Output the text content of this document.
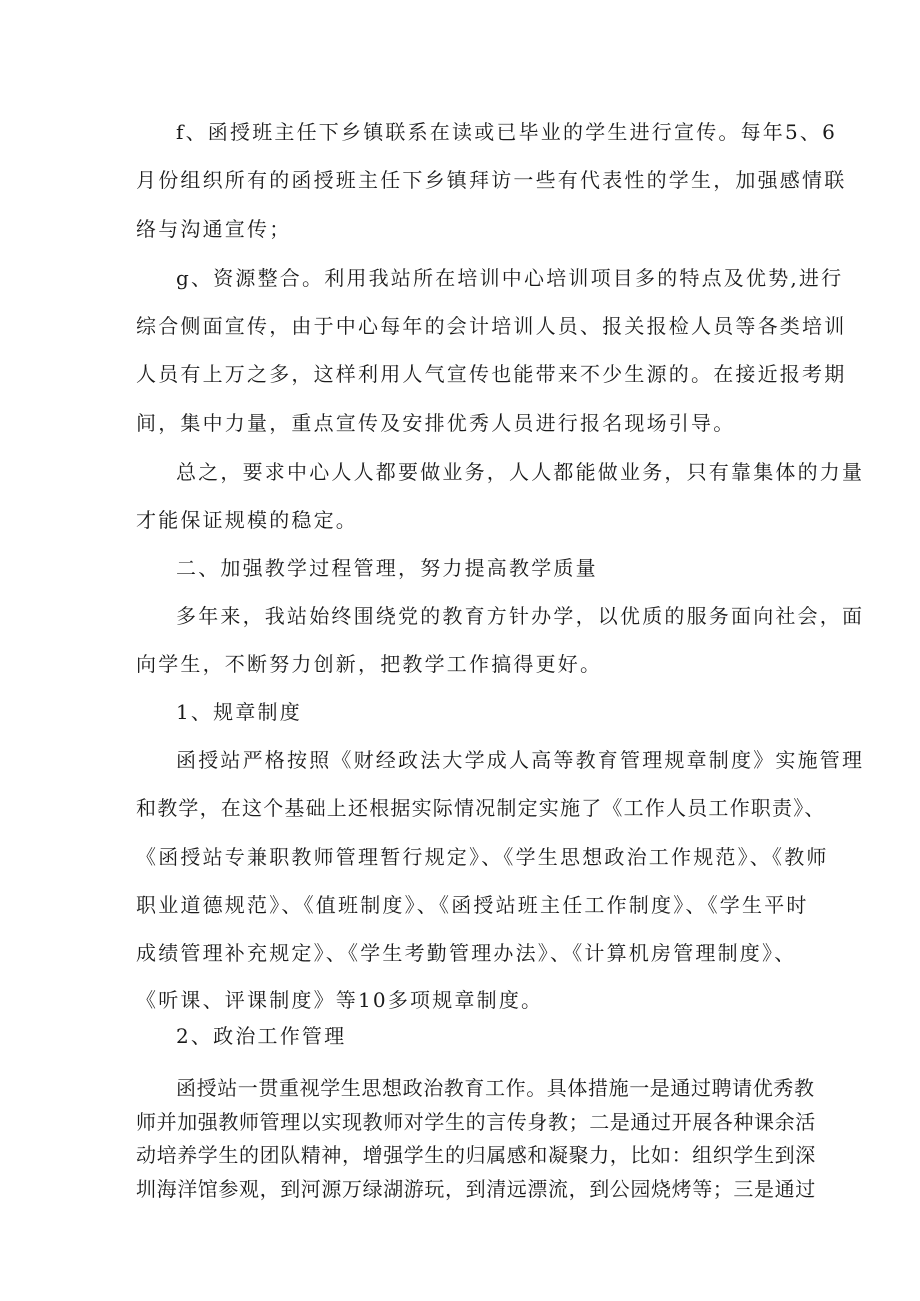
f、函授班主任下乡镇联系在读或已毕业的学生进行宣传。每年5、6
月份组织所有的函授班主任下乡镇拜访一些有代表性的学生，加强感情联
络与沟通宣传；
g、资源整合。利用我站所在培训中心培训项目多的特点及优势,进行
综合侧面宣传，由于中心每年的会计培训人员、报关报检人员等各类培训
人员有上万之多，这样利用人气宣传也能带来不少生源的。在接近报考期
间，集中力量，重点宣传及安排优秀人员进行报名现场引导。
总之，要求中心人人都要做业务，人人都能做业务，只有靠集体的力量
才能保证规模的稳定。
二、加强教学过程管理，努力提高教学质量
多年来，我站始终围绕党的教育方针办学，以优质的服务面向社会，面
向学生，不断努力创新，把教学工作搞得更好。
1、规章制度
函授站严格按照《财经政法大学成人高等教育管理规章制度》实施管理
和教学，在这个基础上还根据实际情况制定实施了《工作人员工作职责》、
《函授站专兼职教师管理暂行规定》、《学生思想政治工作规范》、《教师
职业道德规范》、《值班制度》、《函授站班主任工作制度》、《学生平时
成绩管理补充规定》、《学生考勤管理办法》、《计算机房管理制度》、
《听课、评课制度》等10多项规章制度。
2、政治工作管理
函授站一贯重视学生思想政治教育工作。具体措施一是通过聘请优秀教
师并加强教师管理以实现教师对学生的言传身教；二是通过开展各种课余活
动培养学生的团队精神，增强学生的归属感和凝聚力，比如：组织学生到深
圳海洋馆参观，到河源万绿湖游玩，到清远漂流，到公园烧烤等；三是通过
